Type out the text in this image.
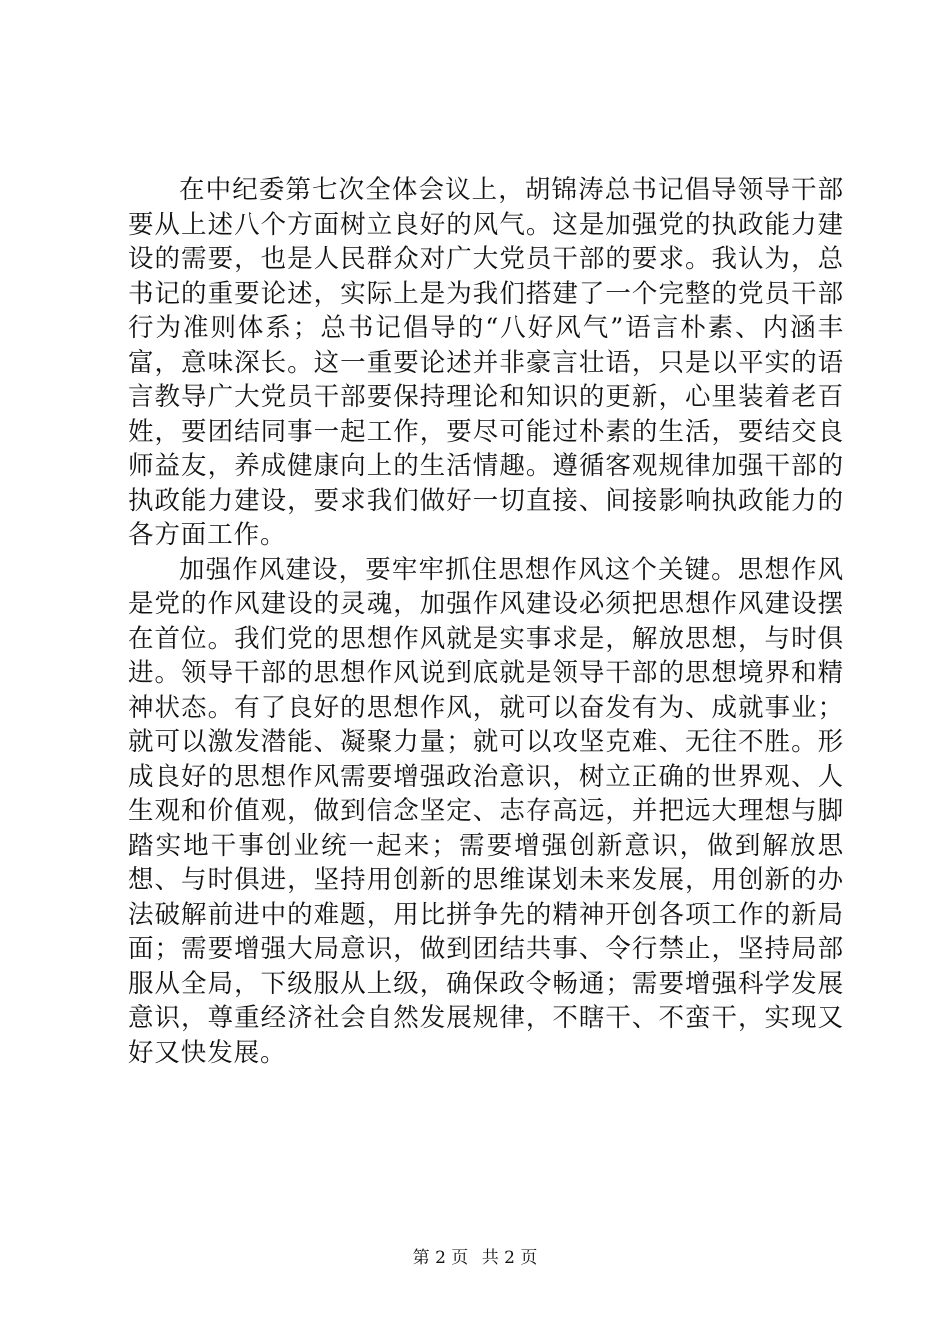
在中纪委第七次全体会议上，胡锦涛总书记倡导领导干部要从上述八个方面树立良好的风气。这是加强党的执政能力建设的需要，也是人民群众对广大党员干部的要求。我认为，总书记的重要论述，实际上是为我们搭建了一个完整的党员干部行为准则体系；总书记倡导的“八好风气”语言朴素、内涵丰富，意味深长。这一重要论述并非豪言壮语，只是以平实的语言教导广大党员干部要保持理论和知识的更新，心里装着老百姓，要团结同事一起工作，要尽可能过朴素的生活，要结交良师益友，养成健康向上的生活情趣。遵循客观规律加强干部的执政能力建设，要求我们做好一切直接、间接影响执政能力的各方面工作。

加强作风建设，要牢牢抓住思想作风这个关键。思想作风是党的作风建设的灵魂，加强作风建设必须把思想作风建设摆在首位。我们党的思想作风就是实事求是，解放思想，与时俱进。领导干部的思想作风说到底就是领导干部的思想境界和精神状态。有了良好的思想作风，就可以奋发有为、成就事业；就可以激发潜能、凝聚力量；就可以攻坚克难、无往不胜。形成良好的思想作风需要增强政治意识，树立正确的世界观、人生观和价值观，做到信念坚定、志存高远，并把远大理想与脚踏实地干事创业统一起来；需要增强创新意识，做到解放思想、与时俱进，坚持用创新的思维谋划未来发展，用创新的办法破解前进中的难题，用比拼争先的精神开创各项工作的新局面；需要增强大局意识，做到团结共事、令行禁止，坚持局部服从全局，下级服从上级，确保政令畅通；需要增强科学发展意识，尊重经济社会自然发展规律，不瞎干、不蛮干，实现又好又快发展。

第 2 页 共 2 页
